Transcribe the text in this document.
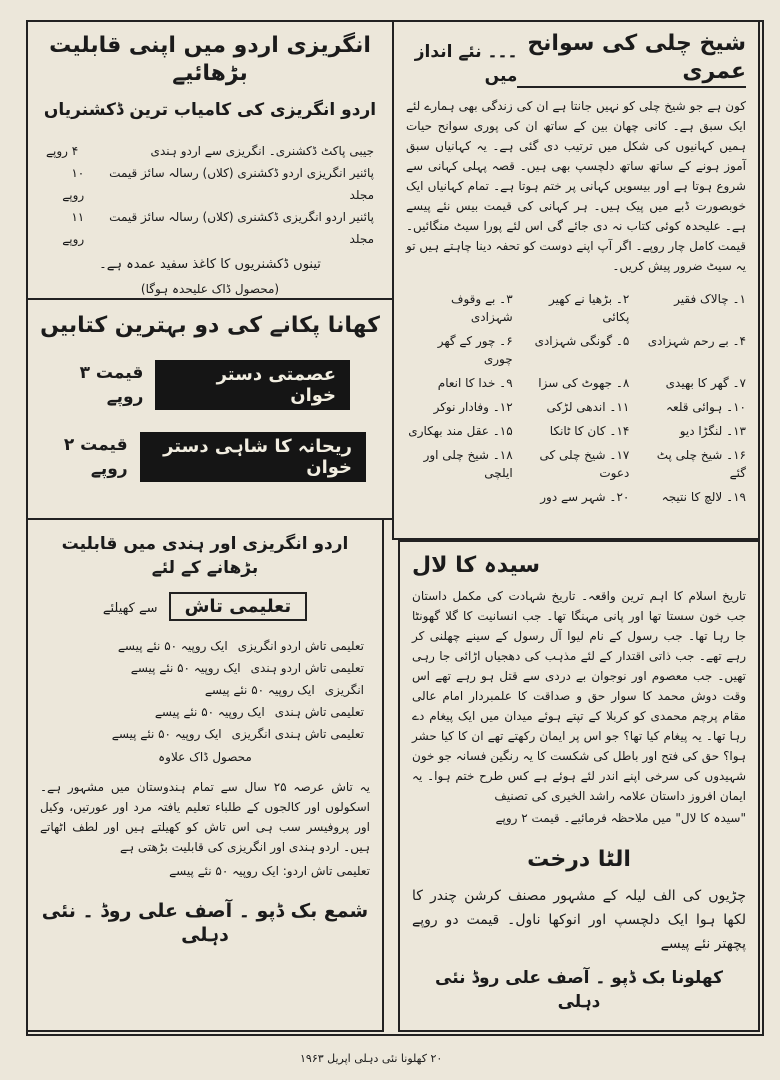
شیخ چلی کی سوانح عمری
۔۔۔ نئے انداز میں
کون ہے جو شیخ چلی کو نہیں جانتا ہے ان کی زندگی بھی ہمارے لئے ایک سبق ہے۔ کانی چھان بین کے ساتھ ان کی پوری سوانح حیات ہمیں کہانیوں کی شکل میں ترتیب دی گئی ہے۔ یہ کہانیاں سبق آموز ہونے کے ساتھ ساتھ دلچسپ بھی ہیں۔ قصہ پہلی کہانی سے شروع ہوتا ہے اور بیسویں کہانی پر ختم ہوتا ہے۔ تمام کہانیاں ایک خوبصورت ڈبے میں پیک ہیں۔ ہر کہانی کی قیمت بیس نئے پیسے ہے۔ علیحدہ کوئی کتاب نہ دی جائے گی اس لئے پورا سیٹ منگائیں۔ قیمت کامل چار روپے۔ اگر آپ اپنے دوست کو تحفہ دینا چاہتے ہیں تو یہ سیٹ ضرور پیش کریں۔
۱۔ چالاک فقیر
۲۔ بڑھیا نے کھیر پکائی
۳۔ بے وقوف شہزادی
۴۔ بے رحم شہزادی
۵۔ گونگی شہزادی
۶۔ چور کے گھر چوری
۷۔ گھر کا بھیدی
۸۔ جھوٹ کی سزا
۹۔ خدا کا انعام
۱۰۔ ہوائی قلعہ
۱۱۔ اندھی لڑکی
۱۲۔ وفادار نوکر
۱۳۔ لنگڑا دیو
۱۴۔ کان کا ٹانکا
۱۵۔ عقل مند بھکاری
۱۶۔ شیخ چلی پٹ گئے
۱۷۔ شیخ چلی کی دعوت
۱۸۔ شیخ چلی اور ایلچی
۱۹۔ لالچ کا نتیجہ
۲۰۔ شہر سے دور
انگریزی اردو میں اپنی قابلیت بڑھائیے
اردو انگریزی کی کامیاب ترین ڈکشنریاں
جیبی پاکٹ ڈکشنری۔ انگریزی سے اردو ہندی
۴ روپے
پائنیر انگریزی اردو ڈکشنری (کلاں) رسالہ سائز قیمت مجلد
۱۰ روپے
پائنیر اردو انگریزی ڈکشنری (کلاں) رسالہ سائز قیمت مجلد
۱۱ روپے
تینوں ڈکشنریوں کا کاغذ سفید عمدہ ہے۔
(محصول ڈاک علیحدہ ہوگا)
کھانا پکانے کی دو بہترین کتابیں
عصمتی دستر خوان
قیمت ۳ روپے
ریحانہ کا شاہی دستر خوان
قیمت ۲ روپے
اردو انگریزی اور ہندی میں قابلیت بڑھانے کے لئے
تعلیمی تاش سے کھیلئے
تعلیمی تاش اردو انگریزی
ایک روپیہ ۵۰ نئے پیسے
تعلیمی تاش اردو ہندی
ایک روپیہ ۵۰ نئے پیسے
انگریزی
ایک روپیہ ۵۰ نئے پیسے
تعلیمی تاش ہندی
ایک روپیہ ۵۰ نئے پیسے
تعلیمی تاش ہندی انگریزی
ایک روپیہ ۵۰ نئے پیسے
محصول ڈاک علاوہ
یہ تاش عرصہ ۲۵ سال سے تمام ہندوستان میں مشہور ہے۔ اسکولوں اور کالجوں کے طلباء تعلیم یافتہ مرد اور عورتیں، وکیل اور پروفیسر سب ہی اس تاش کو کھیلتے ہیں اور لطف اٹھاتے ہیں۔ اردو ہندی اور انگریزی کی قابلیت بڑھتی ہے
تعلیمی تاش اردو: ایک روپیہ ۵۰ نئے پیسے
شمع بک ڈپو ۔ آصف علی روڈ ۔ نئی دہلی
سیدہ کا لال
تاریخ اسلام کا اہم ترین واقعہ۔ تاریخ شہادت کی مکمل داستان جب خون سستا تھا اور پانی مہنگا تھا۔ جب انسانیت کا گلا گھونٹا جا رہا تھا۔ جب رسول کے نام لیوا آل رسول کے سینے چھلنی کر رہے تھے۔ جب ذاتی اقتدار کے لئے مذہب کی دھجیاں اڑائی جا رہی تھیں۔ جب معصوم اور نوجوان بے دردی سے قتل ہو رہے تھے اس وقت دوش محمد کا سوار حق و صداقت کا علمبردار امام عالی مقام پرچم محمدی کو کربلا کے تپتے ہوئے میدان میں ایک پیغام دے رہا تھا۔ یہ پیغام کیا تھا؟ جو اس پر ایمان رکھتے تھے ان کا کیا حشر ہوا؟ حق کی فتح اور باطل کی شکست کا یہ رنگین فسانہ جو خون شہیدوں کی سرخی اپنے اندر لئے ہوئے ہے کس طرح ختم ہوا۔ یہ ایمان افروز داستان علامہ راشد الخیری کی تصنیف
"سیدہ کا لال" میں ملاحظہ فرمائیے۔ قیمت ۲ روپے
الٹا درخت
چڑیوں کی الف لیلہ کے مشہور مصنف کرشن چندر کا لکھا ہوا ایک دلچسپ اور انوکھا ناول۔ قیمت دو روپے پچھتر نئے پیسے
کھلونا بک ڈپو ۔ آصف علی روڈ نئی دہلی
۲۰ کھلونا نئی دہلی اپریل ۱۹۶۳
